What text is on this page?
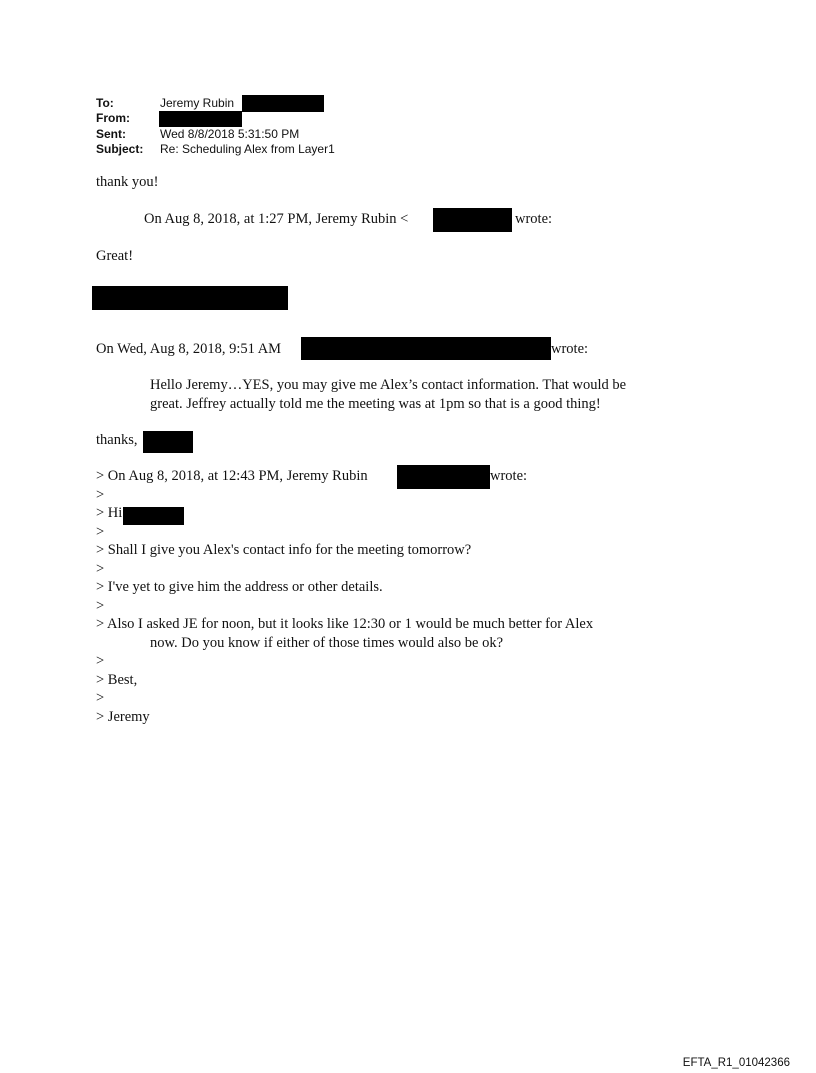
To:	Jeremy Rubin
From:
Sent:	Wed 8/8/2018 5:31:50 PM
Subject: Re: Scheduling Alex from Layer1
thank you!
On Aug 8, 2018, at 1:27 PM, Jeremy Rubin <	wrote:
Great!
On Wed, Aug 8, 2018, 9:51 AM	wrote:
Hello Jeremy…YES, you may give me Alex’s contact information. That would be
great. Jeffrey actually told me the meeting was at 1pm so that is a good thing!
thanks,
> On Aug 8, 2018, at 12:43 PM, Jeremy Rubin	wrote:
>
> Hi
>
> Shall I give you Alex's contact info for the meeting tomorrow?
>
> I've yet to give him the address or other details.
>
> Also I asked JE for noon, but it looks like 12:30 or 1 would be much better for Alex
now. Do you know if either of those times would also be ok?
>
> Best,
>
> Jeremy
EFTA_R1_01042366
